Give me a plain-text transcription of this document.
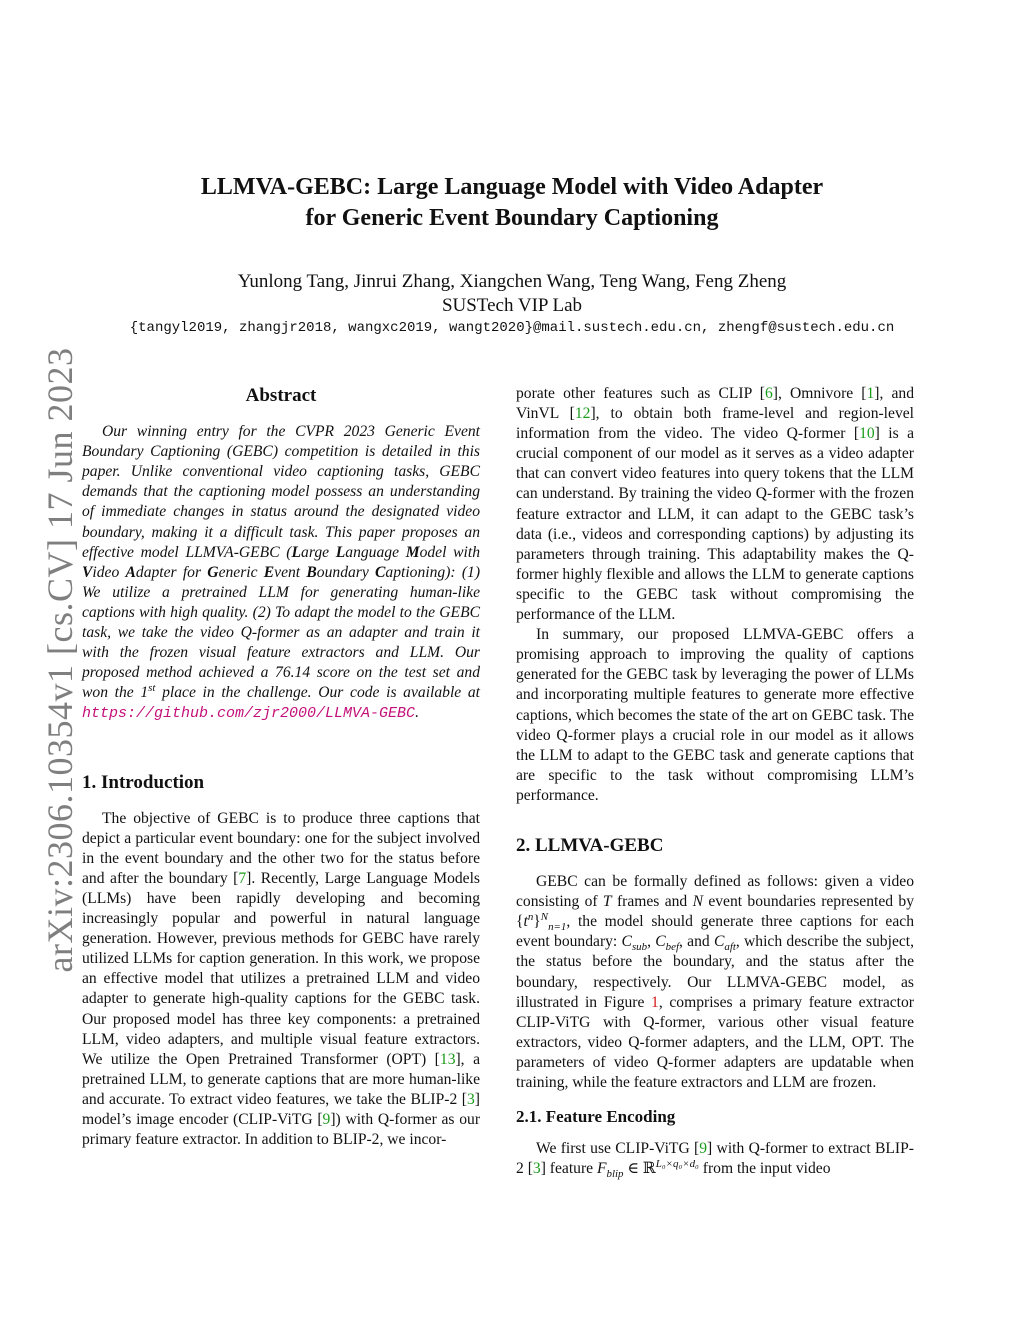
arXiv:2306.10354v1 [cs.CV] 17 Jun 2023
LLMVA-GEBC: Large Language Model with Video Adapter
for Generic Event Boundary Captioning
Yunlong Tang, Jinrui Zhang, Xiangchen Wang, Teng Wang, Feng Zheng
SUSTech VIP Lab
{tangyl2019, zhangjr2018, wangxc2019, wangt2020}@mail.sustech.edu.cn, zhengf@sustech.edu.cn
Abstract

Our winning entry for the CVPR 2023 Generic Event Boundary Captioning (GEBC) competition is detailed in this paper. Unlike conventional video captioning tasks, GEBC demands that the captioning model possess an understanding of immediate changes in status around the designated video boundary, making it a difficult task. This paper proposes an effective model LLMVA-GEBC (Large Language Model with Video Adapter for Generic Event Boundary Captioning): (1) We utilize a pretrained LLM for generating human-like captions with high quality. (2) To adapt the model to the GEBC task, we take the video Q-former as an adapter and train it with the frozen visual feature extractors and LLM. Our proposed method achieved a 76.14 score on the test set and won the 1st place in the challenge. Our code is available at https://github.com/zjr2000/LLMVA-GEBC.

1. Introduction

The objective of GEBC is to produce three captions that depict a particular event boundary: one for the subject involved in the event boundary and the other two for the status before and after the boundary [7]. Recently, Large Language Models (LLMs) have been rapidly developing and becoming increasingly popular and powerful in natural language generation. However, previous methods for GEBC have rarely utilized LLMs for caption generation. In this work, we propose an effective model that utilizes a pretrained LLM and video adapter to generate high-quality captions for the GEBC task. Our proposed model has three key components: a pretrained LLM, video adapters, and multiple visual feature extractors. We utilize the Open Pretrained Transformer (OPT) [13], a pretrained LLM, to generate captions that are more human-like and accurate. To extract video features, we take the BLIP-2 [3] model’s image encoder (CLIP-ViTG [9]) with Q-former as our primary feature extractor. In addition to BLIP-2, we incor-

porate other features such as CLIP [6], Omnivore [1], and VinVL [12], to obtain both frame-level and region-level information from the video. The video Q-former [10] is a crucial component of our model as it serves as a video adapter that can convert video features into query tokens that the LLM can understand. By training the video Q-former with the frozen feature extractor and LLM, it can adapt to the GEBC task’s data (i.e., videos and corresponding captions) by adjusting its parameters through training. This adaptability makes the Q-former highly flexible and allows the LLM to generate captions specific to the GEBC task without compromising the performance of the LLM.

In summary, our proposed LLMVA-GEBC offers a promising approach to improving the quality of captions generated for the GEBC task by leveraging the power of LLMs and incorporating multiple features to generate more effective captions, which becomes the state of the art on GEBC task. The video Q-former plays a crucial role in our model as it allows the LLM to adapt to the GEBC task and generate captions that are specific to the task without compromising LLM’s performance.

2. LLMVA-GEBC

GEBC can be formally defined as follows: given a video consisting of T frames and N event boundaries represented by $\{t^n\}^N_{n=1}$, the model should generate three captions for each event boundary: $C_{sub}$, $C_{bef}$, and $C_{aft}$, which describe the subject, the status before the boundary, and the status after the boundary, respectively. Our LLMVA-GEBC model, as illustrated in Figure 1, comprises a primary feature extractor CLIP-ViTG with Q-former, various other visual feature extractors, video Q-former adapters, and the LLM, OPT. The parameters of video Q-former adapters are updatable when training, while the feature extractors and LLM are frozen.

2.1. Feature Encoding

We first use CLIP-ViTG [9] with Q-former to extract BLIP-2 [3] feature $F_{blip}$ ∈ ℝ$^{L_0\times q_0\times d_0}$ from the input video
